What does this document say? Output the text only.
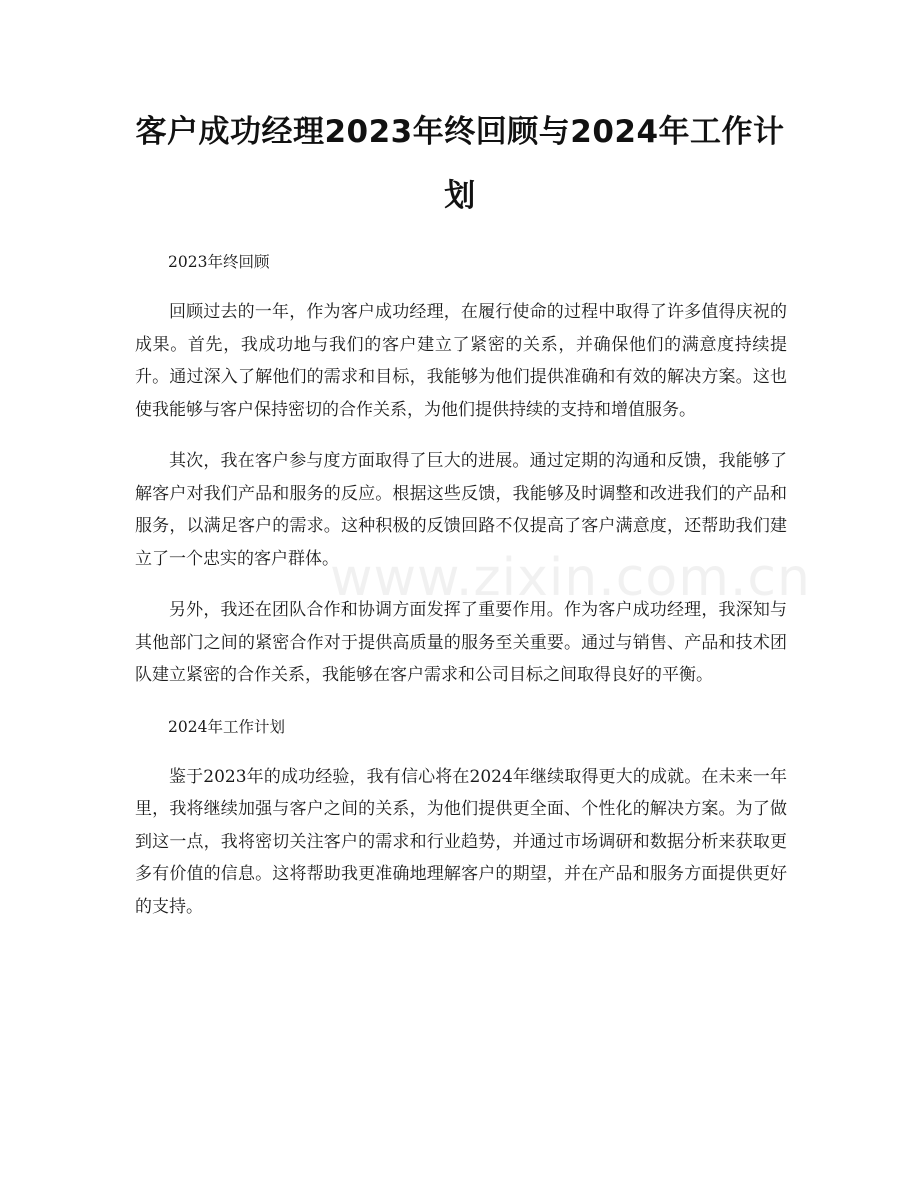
www.zixin.com.cn
客户成功经理2023年终回顾与2024年工作计划
2023年终回顾

回顾过去的一年，作为客户成功经理，在履行使命的过程中取得了许多值得庆祝的成果。首先，我成功地与我们的客户建立了紧密的关系，并确保他们的满意度持续提升。通过深入了解他们的需求和目标，我能够为他们提供准确和有效的解决方案。这也使我能够与客户保持密切的合作关系，为他们提供持续的支持和增值服务。

其次，我在客户参与度方面取得了巨大的进展。通过定期的沟通和反馈，我能够了解客户对我们产品和服务的反应。根据这些反馈，我能够及时调整和改进我们的产品和服务，以满足客户的需求。这种积极的反馈回路不仅提高了客户满意度，还帮助我们建立了一个忠实的客户群体。

另外，我还在团队合作和协调方面发挥了重要作用。作为客户成功经理，我深知与其他部门之间的紧密合作对于提供高质量的服务至关重要。通过与销售、产品和技术团队建立紧密的合作关系，我能够在客户需求和公司目标之间取得良好的平衡。

2024年工作计划

鉴于2023年的成功经验，我有信心将在2024年继续取得更大的成就。在未来一年里，我将继续加强与客户之间的关系，为他们提供更全面、个性化的解决方案。为了做到这一点，我将密切关注客户的需求和行业趋势，并通过市场调研和数据分析来获取更多有价值的信息。这将帮助我更准确地理解客户的期望，并在产品和服务方面提供更好的支持。
